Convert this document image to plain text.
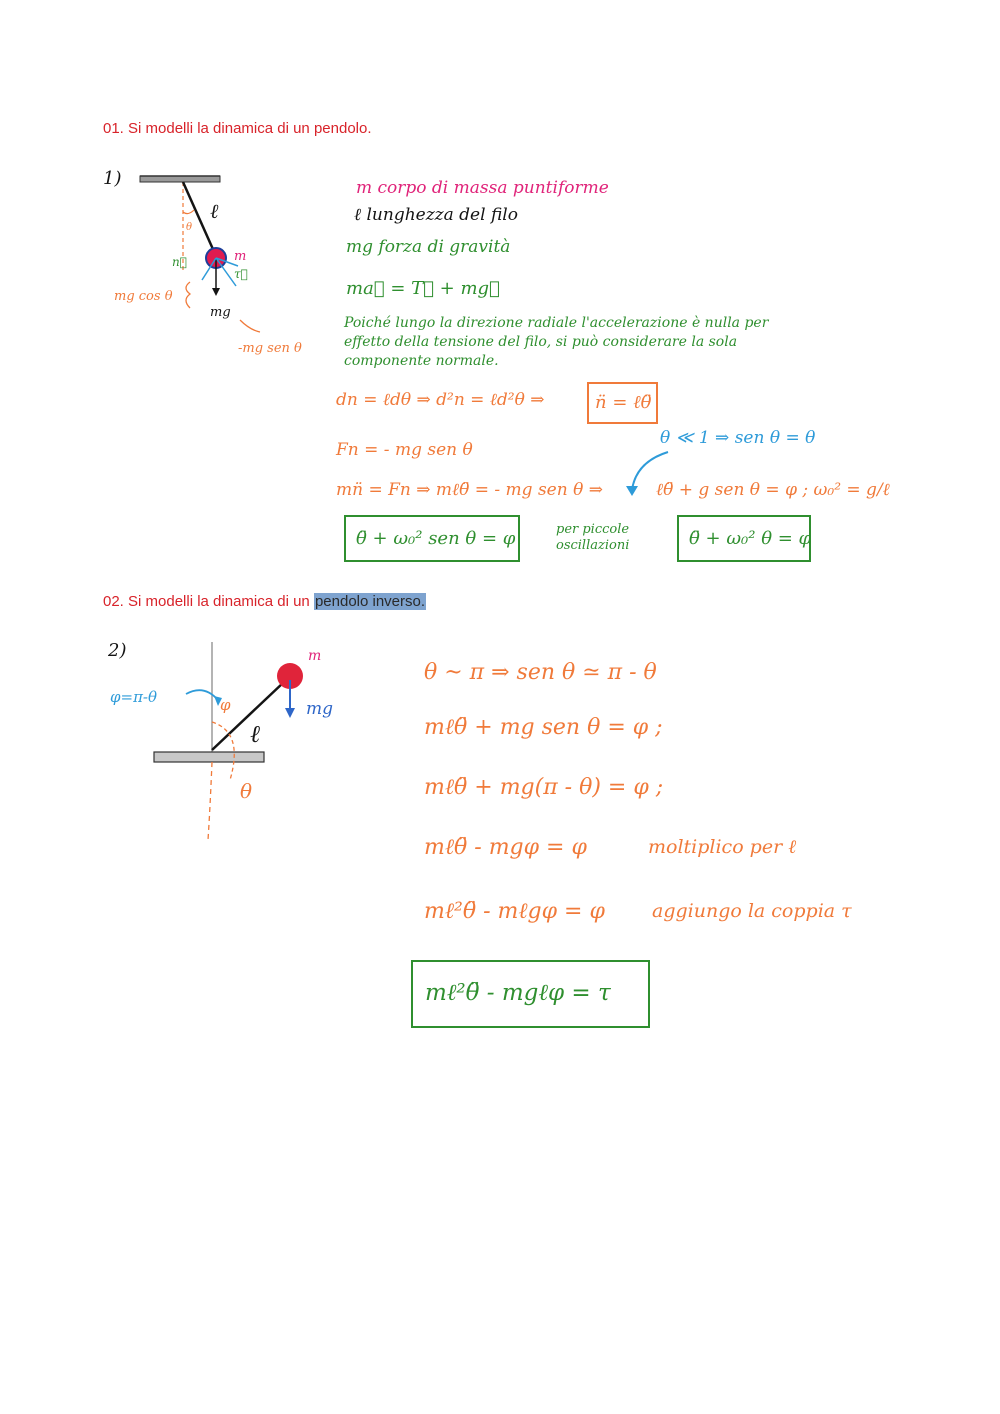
01. Si modelli la dinamica di un pendolo.
1)
θ
ℓ
m
τ⃗
n⃗
mg
mg cos θ
-mg sen θ
m corpo di massa puntiforme
ℓ lunghezza del filo
mg forza di gravità
ma⃗ = T⃗ + mg⃗
Poiché lungo la direzione radiale l'accelerazione è nulla per
effetto della tensione del filo, si può considerare la sola
componente normale.
dn = ℓdθ ⇒ d²n = ℓd²θ ⇒	n̈ = ℓθ̈
Fn = - mg sen θ
θ ≪ 1 ⇒ sen θ = θ
mn̈ = Fn ⇒ mℓθ̈ = - mg sen θ ⇒	ℓθ̈ + g sen θ = φ ; ω₀² = g/ℓ
θ̈ + ω₀² sen θ = φ	per piccole oscillazioni	θ̈ + ω₀² θ = φ
02. Si modelli la dinamica di un pendolo inverso.
2)
φ=π-θ	φ
ℓ
m
mg
θ
θ ~ π ⇒ sen θ ≃ π - θ
mℓθ̈ + mg sen θ = φ ;
mℓθ̈ + mg(π - θ) = φ ;
mℓθ̈ - mgφ = φ	moltiplico per ℓ
mℓ²θ̈ - mℓgφ = φ aggiungo la coppia τ
mℓ²θ̈ - mgℓφ = τ
